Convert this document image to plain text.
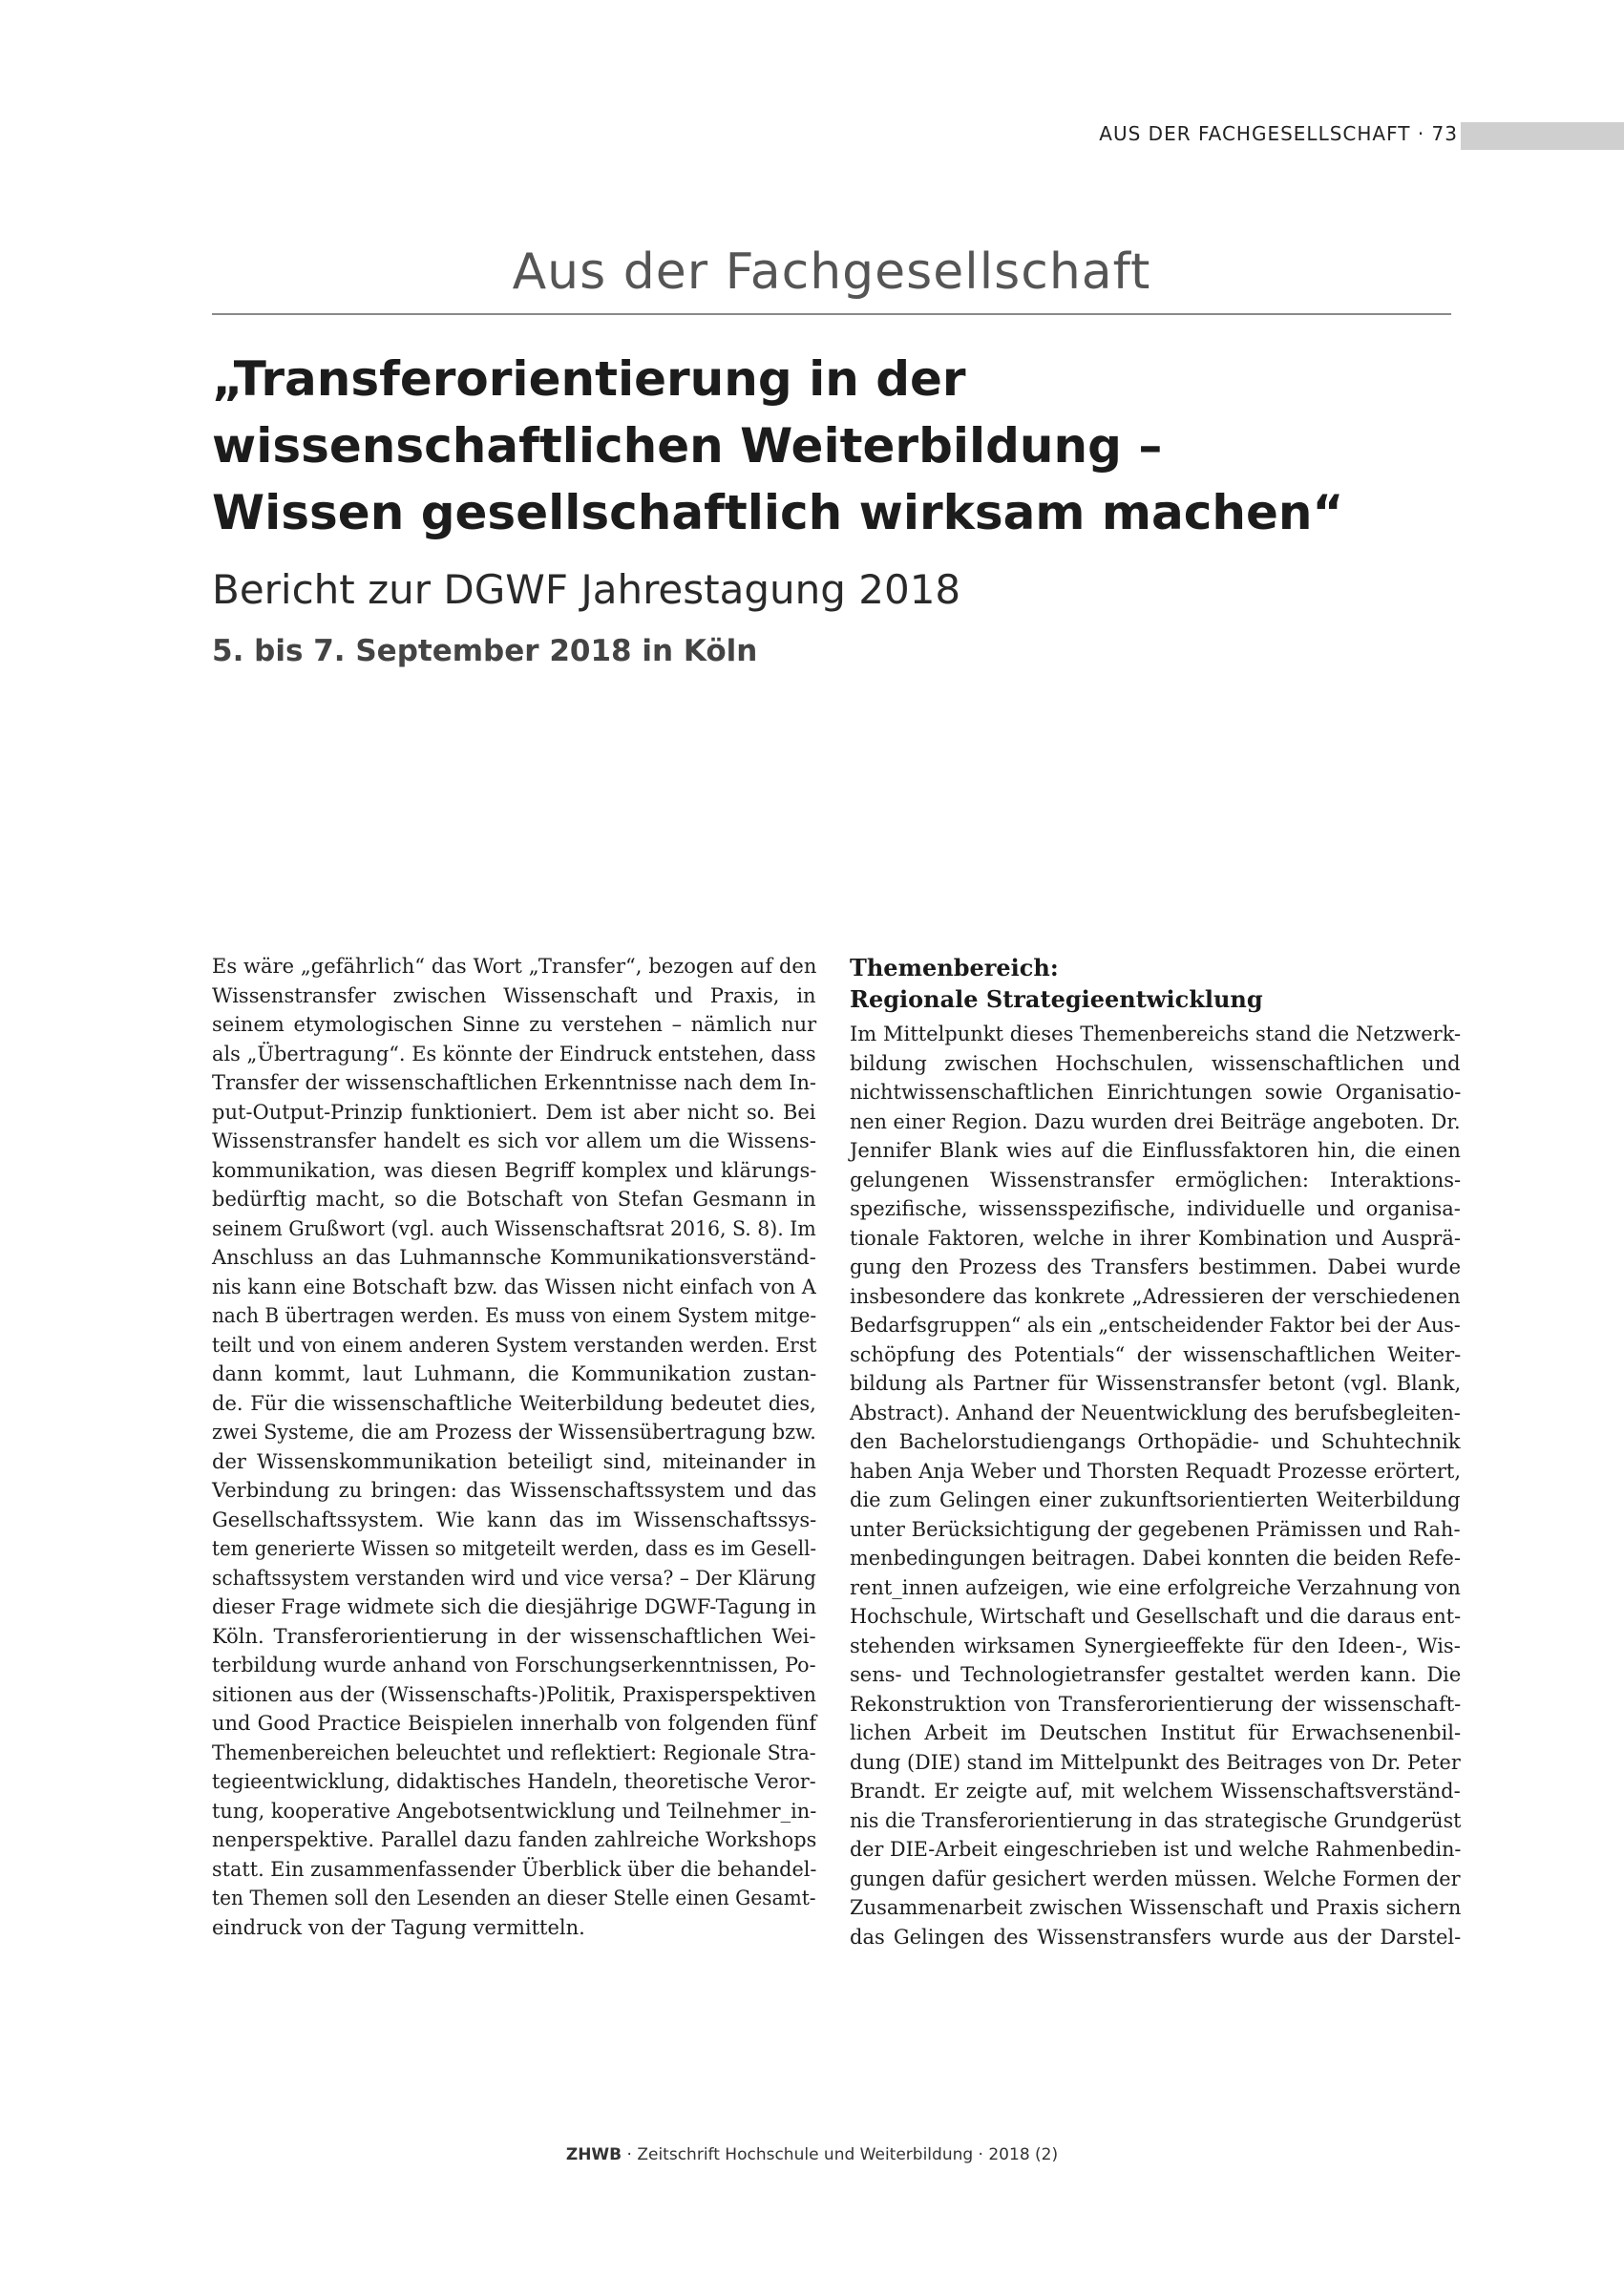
AUS DER FACHGESELLSCHAFT · 73
Aus der Fachgesellschaft
„Transferorientierung in der
wissenschaftlichen Weiterbildung –
Wissen gesellschaftlich wirksam machen“

Bericht zur DGWF Jahrestagung 2018

5. bis 7. September 2018 in Köln

Es wäre „gefährlich“ das Wort „Transfer“, bezogen auf den
Wissenstransfer zwischen Wissenschaft und Praxis, in
seinem etymologischen Sinne zu verstehen – nämlich nur
als „Übertragung“. Es könnte der Eindruck entstehen, dass
Transfer der wissenschaftlichen Erkenntnisse nach dem In-
put-Output-Prinzip funktioniert. Dem ist aber nicht so. Bei
Wissenstransfer handelt es sich vor allem um die Wissens-
kommunikation, was diesen Begriff komplex und klärungs-
bedürftig macht, so die Botschaft von Stefan Gesmann in
seinem Grußwort (vgl. auch Wissenschaftsrat 2016, S. 8). Im
Anschluss an das Luhmannsche Kommunikationsverständ-
nis kann eine Botschaft bzw. das Wissen nicht einfach von A
nach B übertragen werden. Es muss von einem System mitge-
teilt und von einem anderen System verstanden werden. Erst
dann kommt, laut Luhmann, die Kommunikation zustan-
de. Für die wissenschaftliche Weiterbildung bedeutet dies,
zwei Systeme, die am Prozess der Wissensübertragung bzw.
der Wissenskommunikation beteiligt sind, miteinander in
Verbindung zu bringen: das Wissenschaftssystem und das
Gesellschaftssystem. Wie kann das im Wissenschaftssys-
tem generierte Wissen so mitgeteilt werden, dass es im Gesell-
schaftssystem verstanden wird und vice versa? – Der Klärung
dieser Frage widmete sich die diesjährige DGWF-Tagung in
Köln. Transferorientierung in der wissenschaftlichen Wei-
terbildung wurde anhand von Forschungserkenntnissen, Po-
sitionen aus der (Wissenschafts-)Politik, Praxisperspektiven
und Good Practice Beispielen innerhalb von folgenden fünf
Themenbereichen beleuchtet und reflektiert: Regionale Stra-
tegieentwicklung, didaktisches Handeln, theoretische Veror-
tung, kooperative Angebotsentwicklung und Teilnehmer_in-
nenperspektive. Parallel dazu fanden zahlreiche Workshops
statt. Ein zusammenfassender Überblick über die behandel-
ten Themen soll den Lesenden an dieser Stelle einen Gesamt-
eindruck von der Tagung vermitteln.
Themenbereich:
Regionale Strategieentwicklung
Im Mittelpunkt dieses Themenbereichs stand die Netzwerk-
bildung zwischen Hochschulen, wissenschaftlichen und
nichtwissenschaftlichen Einrichtungen sowie Organisatio-
nen einer Region. Dazu wurden drei Beiträge angeboten. Dr.
Jennifer Blank wies auf die Einflussfaktoren hin, die einen
gelungenen Wissenstransfer ermöglichen: Interaktions-
spezifische, wissensspezifische, individuelle und organisa-
tionale Faktoren, welche in ihrer Kombination und Ausprä-
gung den Prozess des Transfers bestimmen. Dabei wurde
insbesondere das konkrete „Adressieren der verschiedenen
Bedarfsgruppen“ als ein „entscheidender Faktor bei der Aus-
schöpfung des Potentials“ der wissenschaftlichen Weiter-
bildung als Partner für Wissenstransfer betont (vgl. Blank,
Abstract). Anhand der Neuentwicklung des berufsbegleiten-
den Bachelorstudiengangs Orthopädie- und Schuhtechnik
haben Anja Weber und Thorsten Requadt Prozesse erörtert,
die zum Gelingen einer zukunftsorientierten Weiterbildung
unter Berücksichtigung der gegebenen Prämissen und Rah-
menbedingungen beitragen. Dabei konnten die beiden Refe-
rent_innen aufzeigen, wie eine erfolgreiche Verzahnung von
Hochschule, Wirtschaft und Gesellschaft und die daraus ent-
stehenden wirksamen Synergieeffekte für den Ideen-, Wis-
sens- und Technologietransfer gestaltet werden kann. Die
Rekonstruktion von Transferorientierung der wissenschaft-
lichen Arbeit im Deutschen Institut für Erwachsenenbil-
dung (DIE) stand im Mittelpunkt des Beitrages von Dr. Peter
Brandt. Er zeigte auf, mit welchem Wissenschaftsverständ-
nis die Transferorientierung in das strategische Grundgerüst
der DIE-Arbeit eingeschrieben ist und welche Rahmenbedin-
gungen dafür gesichert werden müssen. Welche Formen der
Zusammenarbeit zwischen Wissenschaft und Praxis sichern
das Gelingen des Wissenstransfers wurde aus der Darstel-
ZHWB · Zeitschrift Hochschule und Weiterbildung · 2018 (2)
